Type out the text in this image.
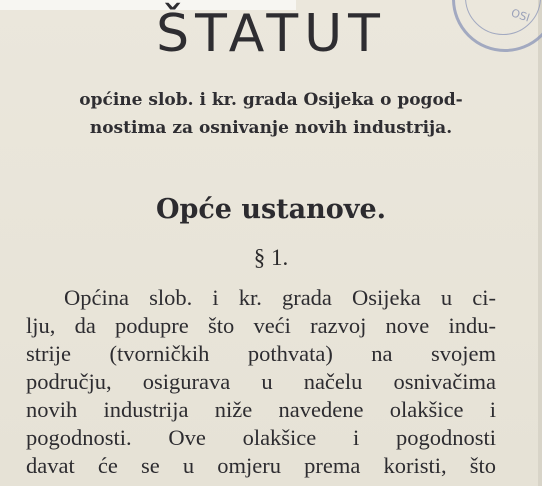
OSI
ŠTATUT
općine slob. i kr. grada Osijeka o pogod-
nostima za osnivanje novih industrija.
Opće ustanove.
§ 1.
Općina slob. i kr. grada Osijeka u ci-
lju, da podupre što veći razvoj nove indu-
strije (tvorničkih pothvata) na svojem
području, osigurava u načelu osnivačima
novih industrija niže navedene olakšice i
pogodnosti. Ove olakšice i pogodnosti
davat će se u omjeru prema koristi, što
